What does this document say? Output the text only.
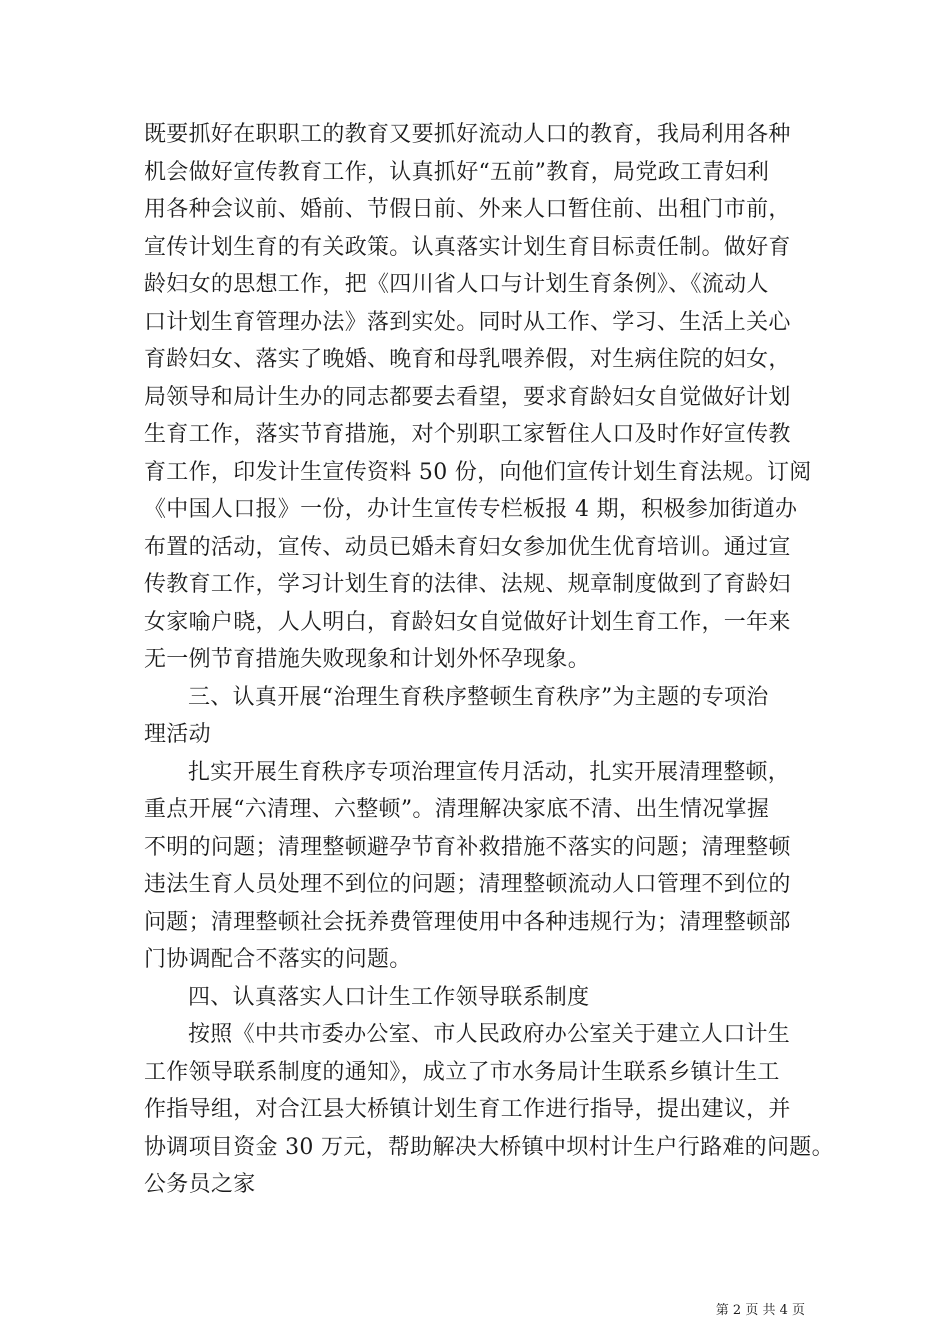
既要抓好在职职工的教育又要抓好流动人口的教育，我局利用各种
机会做好宣传教育工作，认真抓好“五前”教育，局党政工青妇利
用各种会议前、婚前、节假日前、外来人口暂住前、出租门市前，
宣传计划生育的有关政策。认真落实计划生育目标责任制。做好育
龄妇女的思想工作，把《四川省人口与计划生育条例》、《流动人
口计划生育管理办法》落到实处。同时从工作、学习、生活上关心
育龄妇女、落实了晚婚、晚育和母乳喂养假，对生病住院的妇女，
局领导和局计生办的同志都要去看望，要求育龄妇女自觉做好计划
生育工作，落实节育措施，对个别职工家暂住人口及时作好宣传教
育工作，印发计生宣传资料 50 份，向他们宣传计划生育法规。订阅
《中国人口报》一份，办计生宣传专栏板报 4 期，积极参加街道办
布置的活动，宣传、动员已婚未育妇女参加优生优育培训。通过宣
传教育工作，学习计划生育的法律、法规、规章制度做到了育龄妇
女家喻户晓，人人明白，育龄妇女自觉做好计划生育工作，一年来
无一例节育措施失败现象和计划外怀孕现象。
三、认真开展“治理生育秩序整顿生育秩序”为主题的专项治
理活动
扎实开展生育秩序专项治理宣传月活动，扎实开展清理整顿，
重点开展“六清理、六整顿”。清理解决家底不清、出生情况掌握
不明的问题；清理整顿避孕节育补救措施不落实的问题；清理整顿
违法生育人员处理不到位的问题；清理整顿流动人口管理不到位的
问题；清理整顿社会抚养费管理使用中各种违规行为；清理整顿部
门协调配合不落实的问题。
四、认真落实人口计生工作领导联系制度
按照《中共市委办公室、市人民政府办公室关于建立人口计生
工作领导联系制度的通知》，成立了市水务局计生联系乡镇计生工
作指导组，对合江县大桥镇计划生育工作进行指导，提出建议，并
协调项目资金 30 万元，帮助解决大桥镇中坝村计生户行路难的问题。
公务员之家
第 2 页 共 4 页
